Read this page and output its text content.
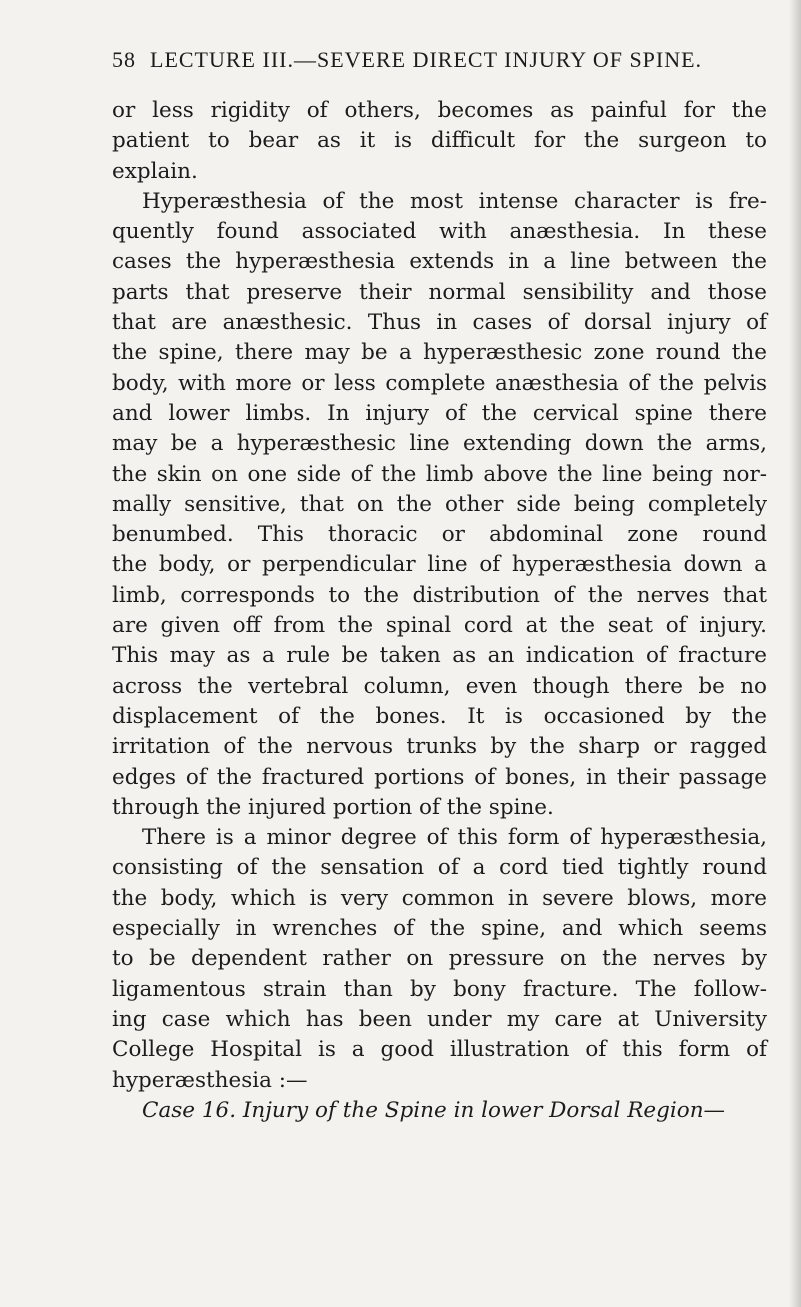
58 LECTURE III.—SEVERE DIRECT INJURY OF SPINE.
or less rigidity of others, becomes as painful for the
patient to bear as it is difficult for the surgeon to
explain.
Hyperæsthesia of the most intense character is fre-
quently found associated with anæsthesia. In these
cases the hyperæsthesia extends in a line between the
parts that preserve their normal sensibility and those
that are anæsthesic. Thus in cases of dorsal injury of
the spine, there may be a hyperæsthesic zone round the
body, with more or less complete anæsthesia of the pelvis
and lower limbs. In injury of the cervical spine there
may be a hyperæsthesic line extending down the arms,
the skin on one side of the limb above the line being nor-
mally sensitive, that on the other side being completely
benumbed. This thoracic or abdominal zone round
the body, or perpendicular line of hyperæsthesia down a
limb, corresponds to the distribution of the nerves that
are given off from the spinal cord at the seat of injury.
This may as a rule be taken as an indication of fracture
across the vertebral column, even though there be no
displacement of the bones. It is occasioned by the
irritation of the nervous trunks by the sharp or ragged
edges of the fractured portions of bones, in their passage
through the injured portion of the spine.
There is a minor degree of this form of hyperæsthesia,
consisting of the sensation of a cord tied tightly round
the body, which is very common in severe blows, more
especially in wrenches of the spine, and which seems
to be dependent rather on pressure on the nerves by
ligamentous strain than by bony fracture. The follow-
ing case which has been under my care at University
College Hospital is a good illustration of this form of
hyperæsthesia :—
Case 16. Injury of the Spine in lower Dorsal Region—
